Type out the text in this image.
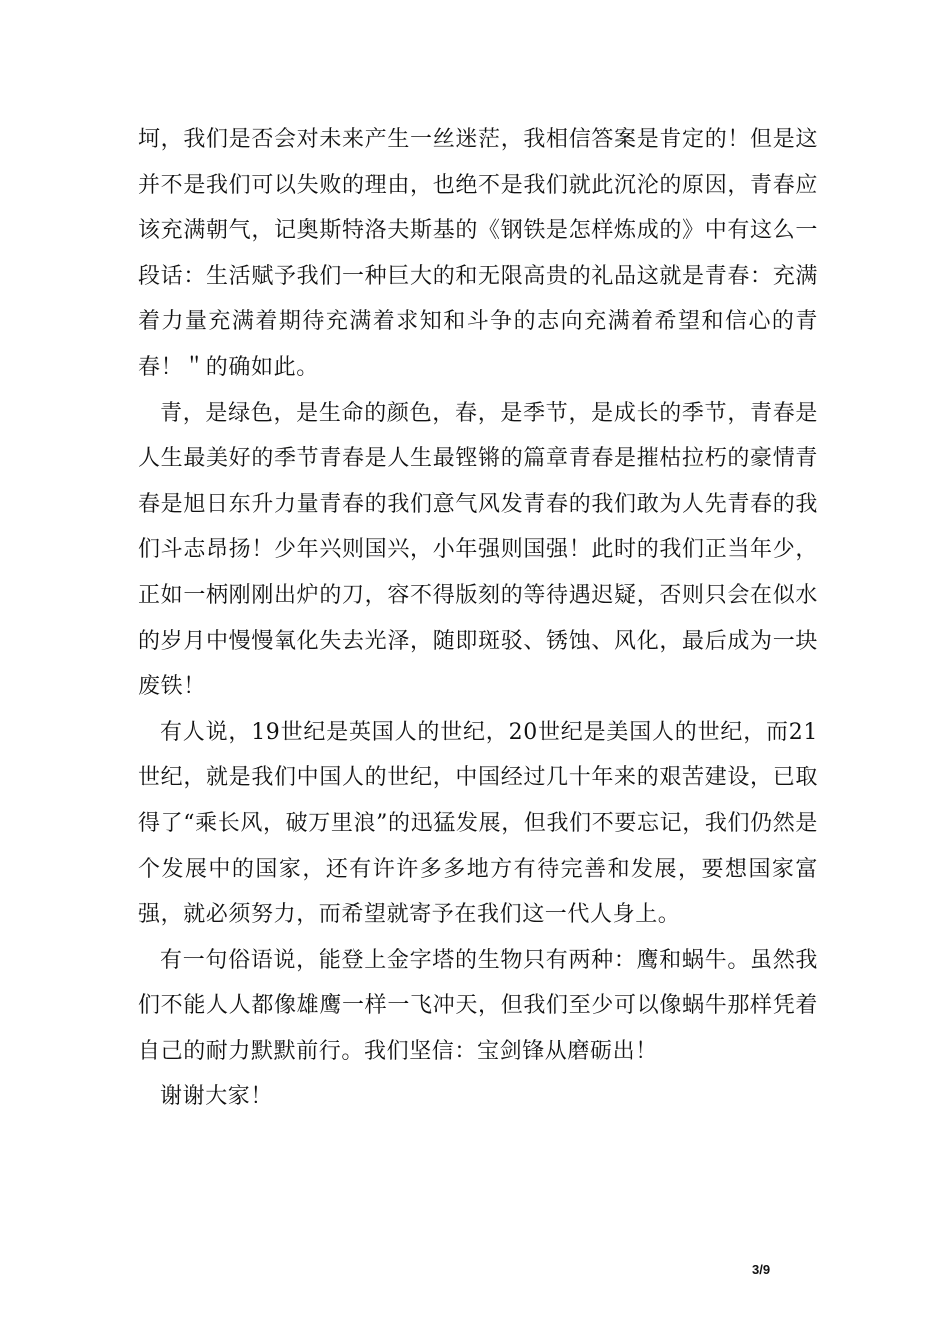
坷，我们是否会对未来产生一丝迷茫，我相信答案是肯定的！但是这并不是我们可以失败的理由，也绝不是我们就此沉沦的原因，青春应该充满朝气，记奥斯特洛夫斯基的《钢铁是怎样炼成的》中有这么一段话：生活赋予我们一种巨大的和无限高贵的礼品这就是青春：充满着力量充满着期待充满着求知和斗争的志向充满着希望和信心的青春！＂的确如此。

青，是绿色，是生命的颜色，春，是季节，是成长的季节，青春是人生最美好的季节青春是人生最铿锵的篇章青春是摧枯拉朽的豪情青春是旭日东升力量青春的我们意气风发青春的我们敢为人先青春的我们斗志昂扬！少年兴则国兴，小年强则国强！此时的我们正当年少，正如一柄刚刚出炉的刀，容不得版刻的等待遇迟疑，否则只会在似水的岁月中慢慢氧化失去光泽，随即斑驳、锈蚀、风化，最后成为一块废铁！

有人说，19世纪是英国人的世纪，20世纪是美国人的世纪，而21世纪，就是我们中国人的世纪，中国经过几十年来的艰苦建设，已取得了“乘长风，破万里浪”的迅猛发展，但我们不要忘记，我们仍然是个发展中的国家，还有许许多多地方有待完善和发展，要想国家富强，就必须努力，而希望就寄予在我们这一代人身上。

有一句俗语说，能登上金字塔的生物只有两种：鹰和蜗牛。虽然我们不能人人都像雄鹰一样一飞冲天，但我们至少可以像蜗牛那样凭着自己的耐力默默前行。我们坚信：宝剑锋从磨砺出！

谢谢大家！

3/9
